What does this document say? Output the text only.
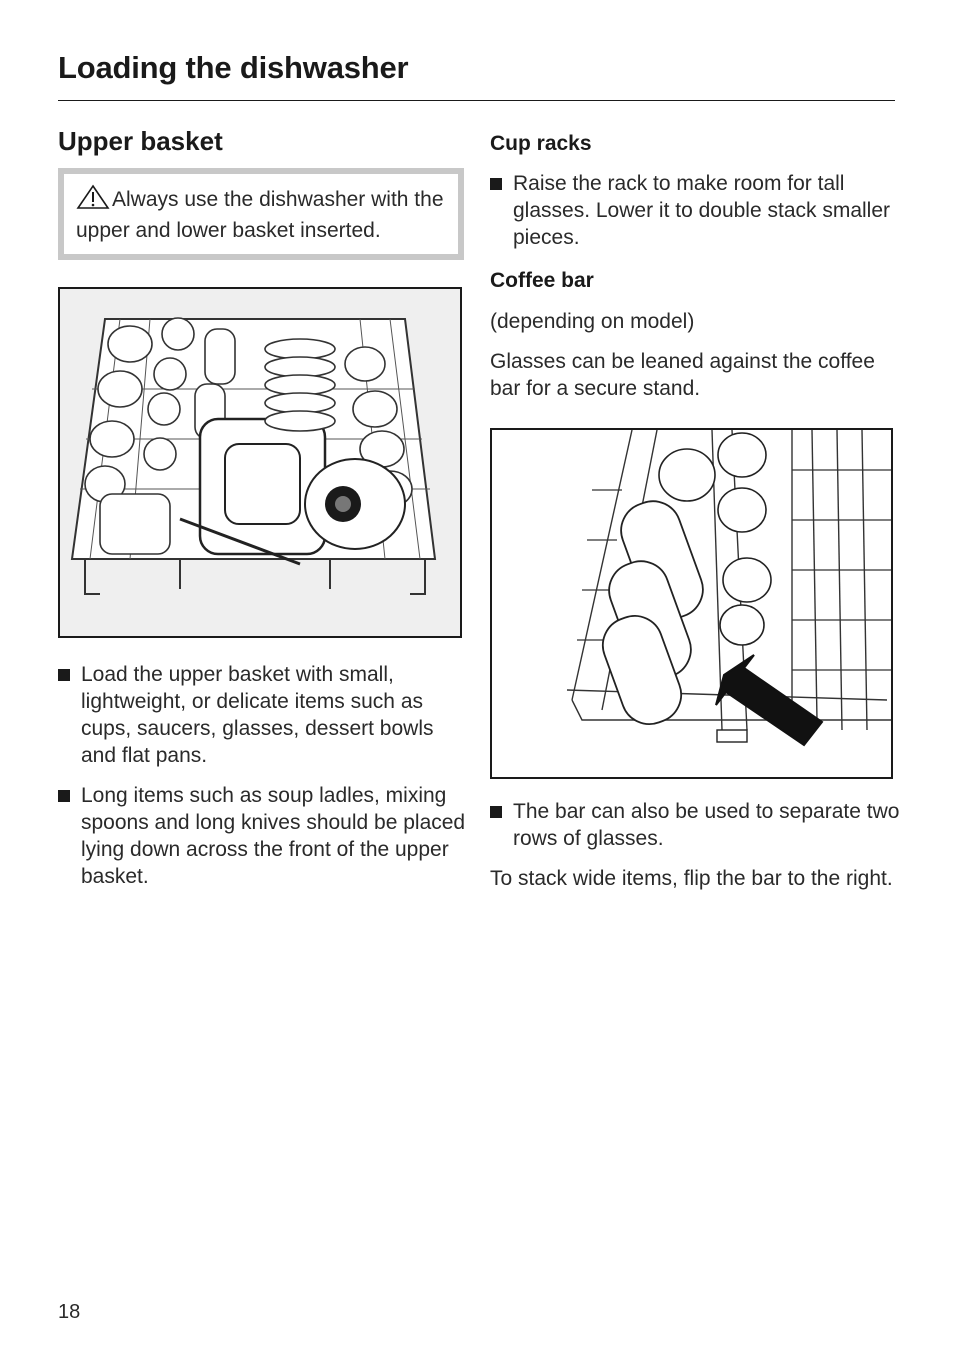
Loading the dishwasher
Upper basket
Always use the dishwasher with the upper and lower basket inserted.
Load the upper basket with small, lightweight, or delicate items such as cups, saucers, glasses, dessert bowls and flat pans.
Long items such as soup ladles, mixing spoons and long knives should be placed lying down across the front of the upper basket.
Cup racks
Raise the rack to make room for tall glasses. Lower it to double stack smaller pieces.
Coffee bar

(depending on model)

Glasses can be leaned against the coffee bar for a secure stand.

The bar can also be used to separate two rows of glasses.

To stack wide items, flip the bar to the right.

18
